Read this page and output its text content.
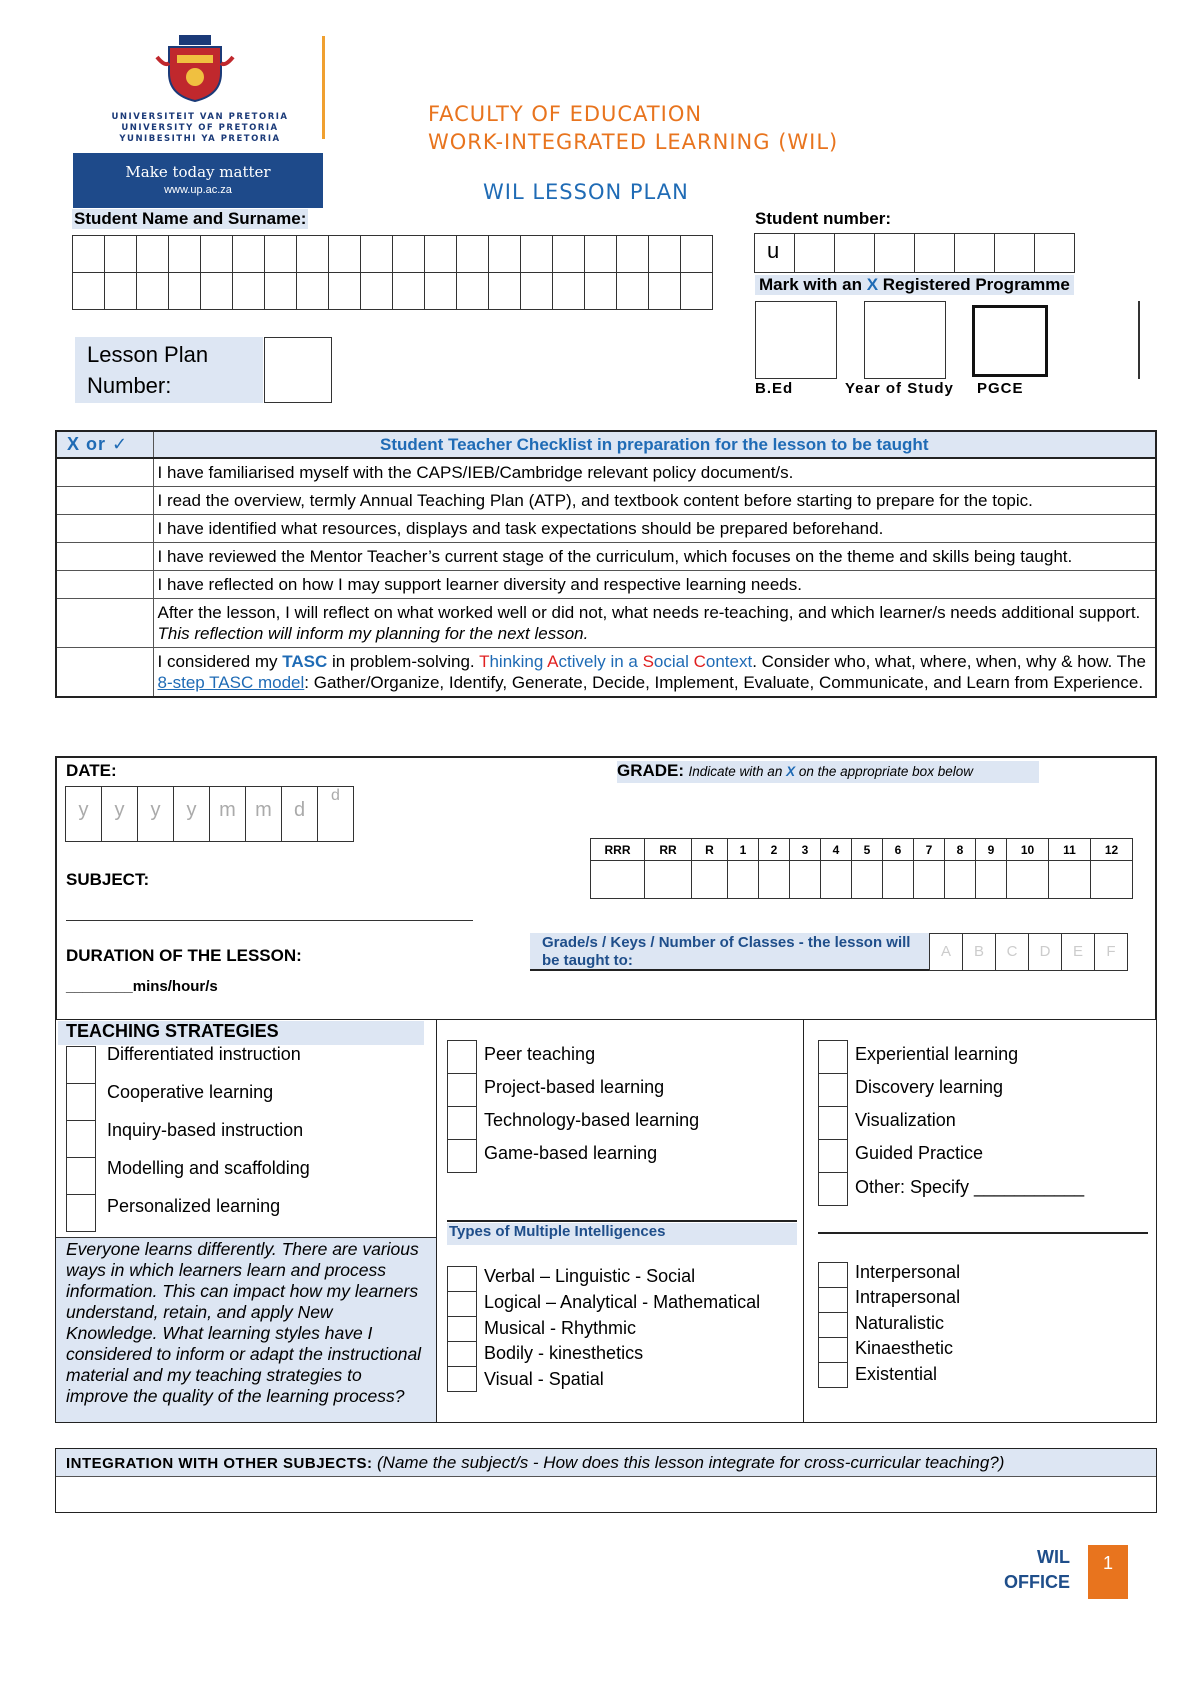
UNIVERSITEIT VAN PRETORIA
UNIVERSITY OF PRETORIA
YUNIBESITHI YA PRETORIA
Make today matter
www.up.ac.za
FACULTY OF EDUCATION
WORK-INTEGRATED LEARNING (WIL)
WIL LESSON PLAN
Student Name and Surname:	Student number:
u
Mark with an X Registered Programme
Lesson Plan Number:	B.Ed	Year of Study PGCE
X or ✓	Student Teacher Checklist in preparation for the lesson to be taught
	I have familiarised myself with the CAPS/IEB/Cambridge relevant policy document/s.
	I read the overview, termly Annual Teaching Plan (ATP), and textbook content before starting to prepare for the topic.
	I have identified what resources, displays and task expectations should be prepared beforehand.
	I have reviewed the Mentor Teacher’s current stage of the curriculum, which focuses on the theme and skills being taught.
	I have reflected on how I may support learner diversity and respective learning needs.
	After the lesson, I will reflect on what worked well or did not, what needs re-teaching, and which learner/s needs additional support. This reflection will inform my planning for the next lesson.
	I considered my TASC in problem-solving. Thinking Actively in a Social Context. Consider who, what, where, when, why & how. The 8-step TASC model: Gather/Organize, Identify, Generate, Decide, Implement, Evaluate, Communicate, and Learn from Experience.
DATE:
y	y	y	y	m m	d
d
GRADE: Indicate with an X on the appropriate box below
RRR	RR	R	1	2	3	4	5	6	7	8	9	10	11	12

SUBJECT:
DURATION OF THE LESSON:
________mins/hour/s
Grade/s / Keys / Number of Classes - the lesson will be taught to:
A	B	C	D	E	F
TEACHING STRATEGIES
Differentiated instruction
Cooperative learning
Inquiry-based instruction
Modelling and scaffolding
Personalized learning
Everyone learns differently. There are various ways in which learners learn and process information. This can impact how my learners understand, retain, and apply New Knowledge. What learning styles have I considered to inform or adapt the instructional material and my teaching strategies to improve the quality of the learning process?
Peer teaching
Project-based learning
Technology-based learning
Game-based learning
Types of Multiple Intelligences
Verbal – Linguistic - Social
Logical – Analytical - Mathematical
Musical - Rhythmic
Bodily - kinesthetics
Visual - Spatial
Experiential learning
Discovery learning
Visualization
Guided Practice
Other: Specify ___________
Interpersonal
Intrapersonal
Naturalistic
Kinaesthetic
Existential
INTEGRATION WITH OTHER SUBJECTS: (Name the subject/s - How does this lesson integrate for cross-curricular teaching?)
WIL
OFFICE
1
